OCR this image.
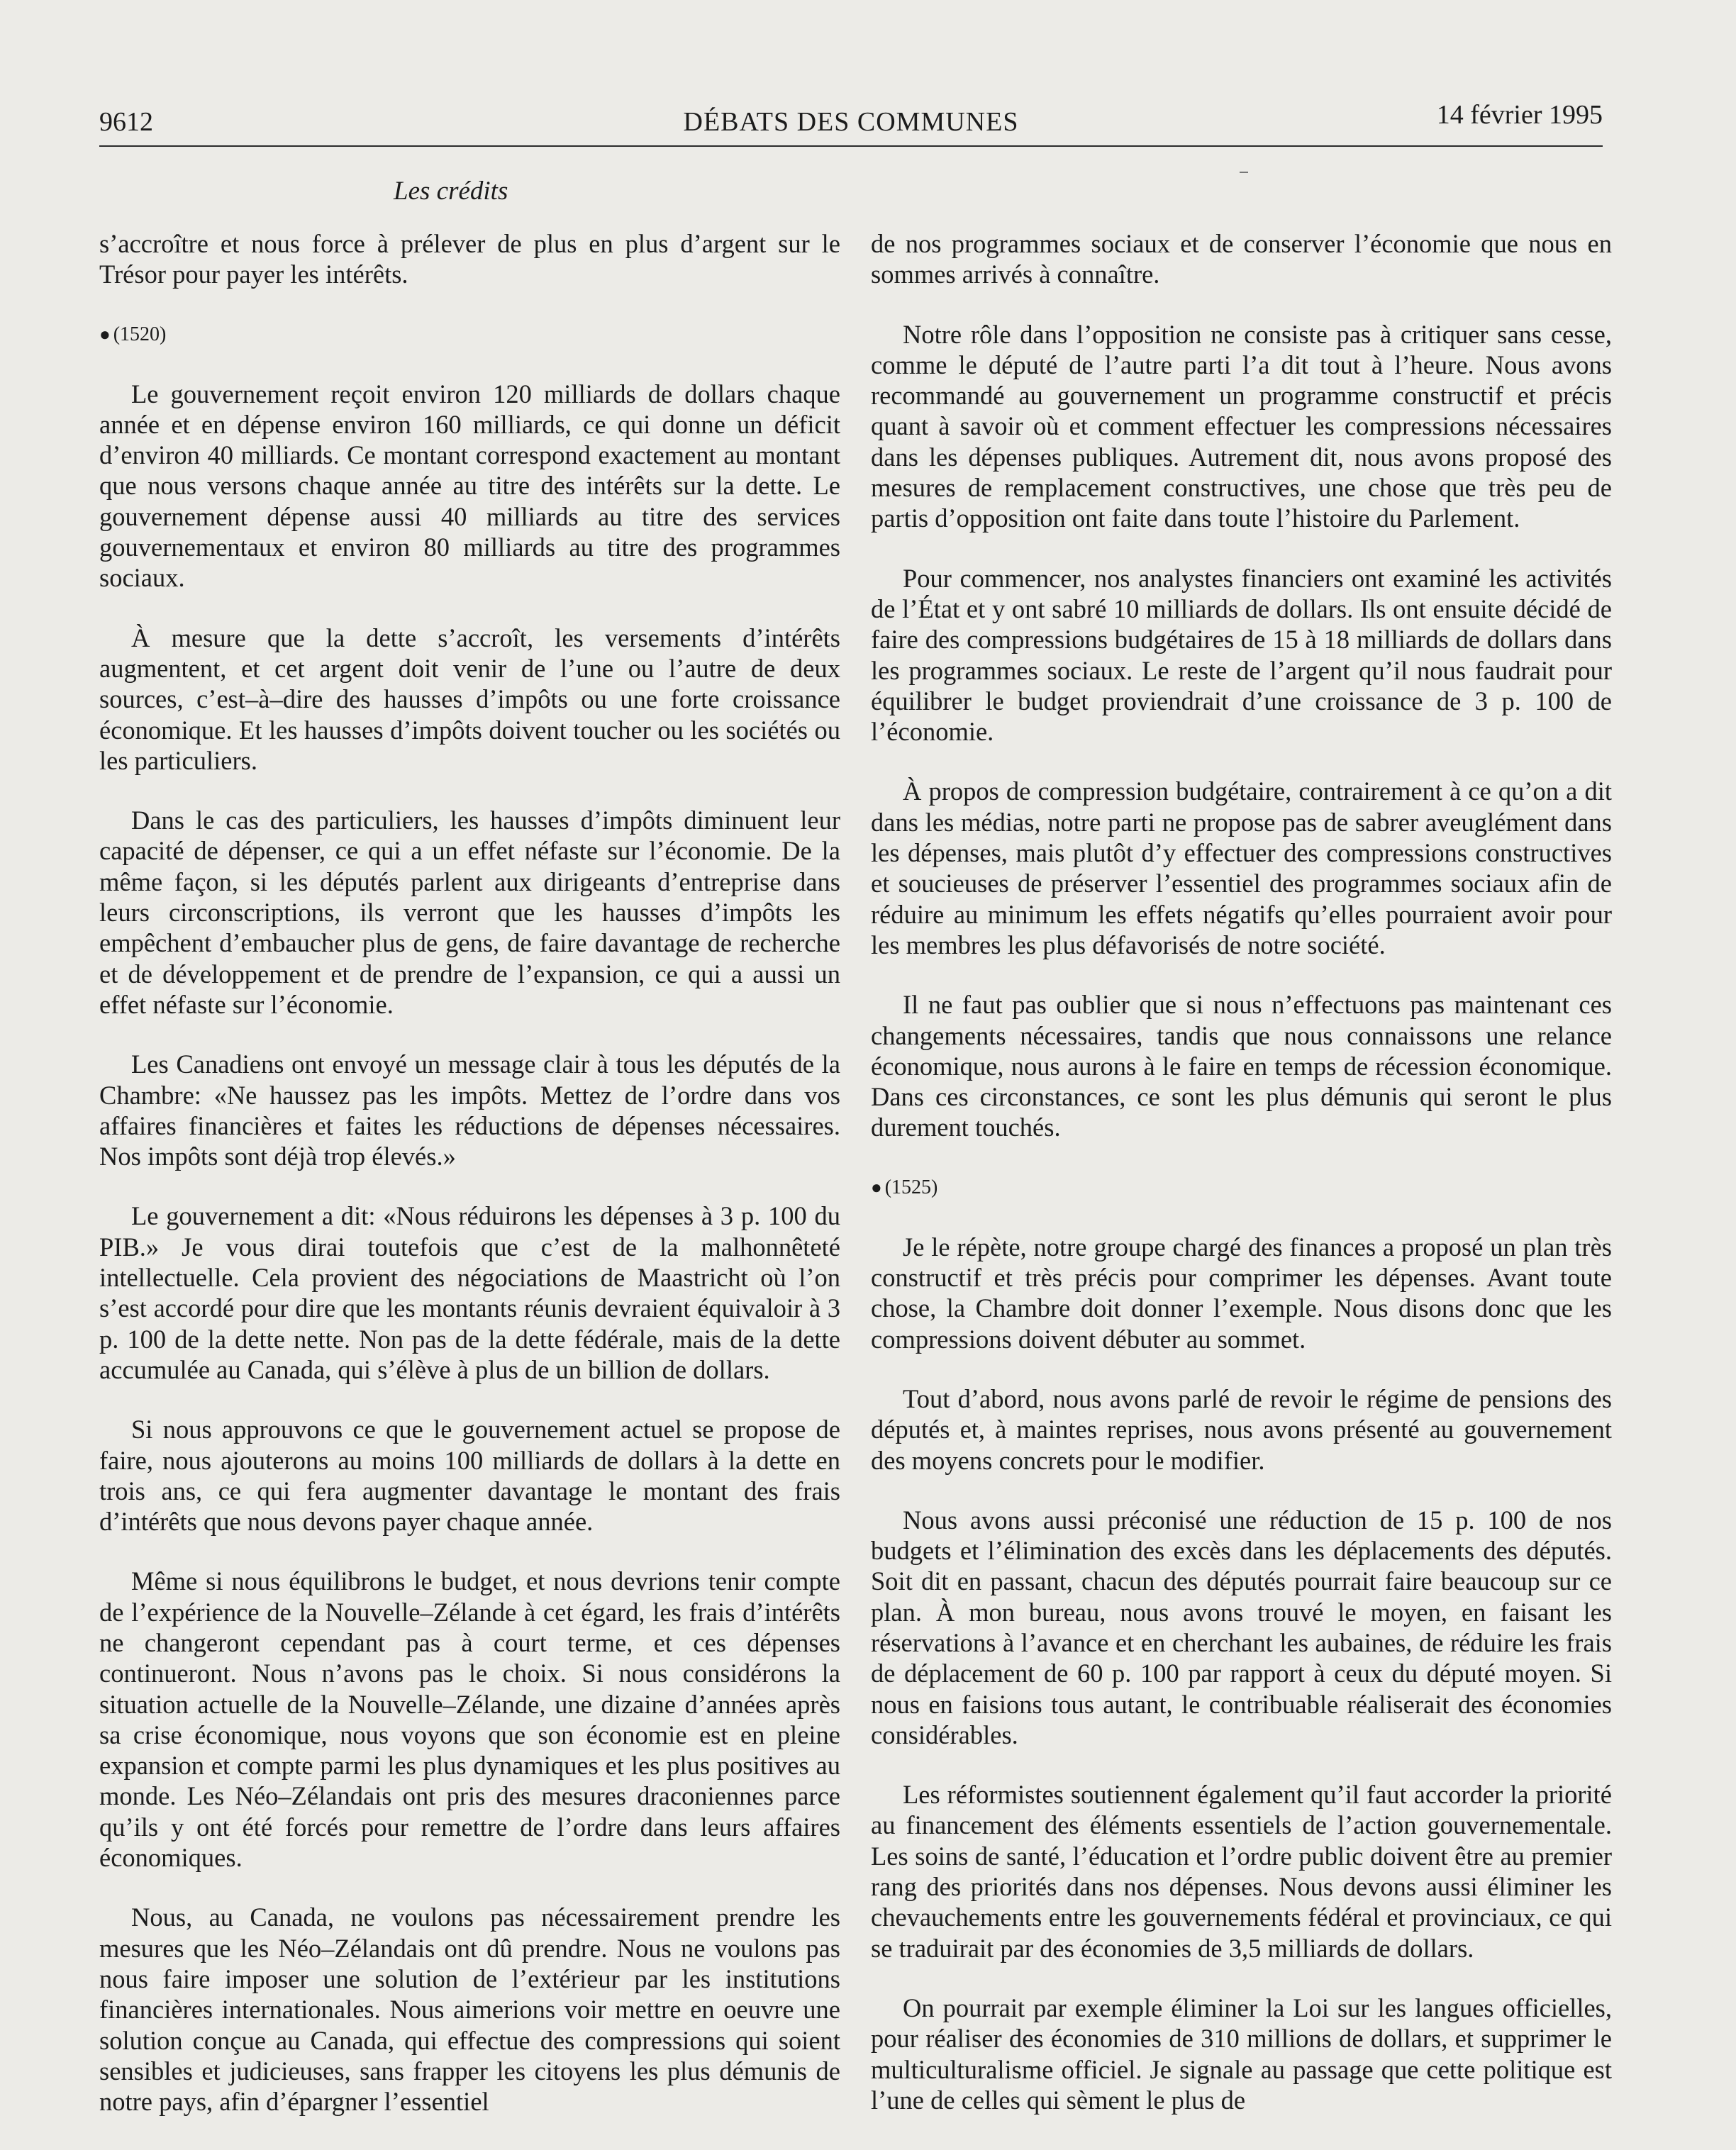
9612	DÉBATS DES COMMUNES	14 février 1995
Les crédits

s’accroître et nous force à prélever de plus en plus d’argent sur le Trésor pour payer les intérêts.

● (1520)

Le gouvernement reçoit environ 120 milliards de dollars chaque année et en dépense environ 160 milliards, ce qui donne un déficit d’environ 40 milliards. Ce montant correspond exactement au montant que nous versons chaque année au titre des intérêts sur la dette. Le gouvernement dépense aussi 40 milliards au titre des services gouvernementaux et environ 80 milliards au titre des programmes sociaux.

À mesure que la dette s’accroît, les versements d’intérêts augmentent, et cet argent doit venir de l’une ou l’autre de deux sources, c’est–à–dire des hausses d’impôts ou une forte croissance économique. Et les hausses d’impôts doivent toucher ou les sociétés ou les particuliers.

Dans le cas des particuliers, les hausses d’impôts diminuent leur capacité de dépenser, ce qui a un effet néfaste sur l’économie. De la même façon, si les députés parlent aux dirigeants d’entreprise dans leurs circonscriptions, ils verront que les hausses d’impôts les empêchent d’embaucher plus de gens, de faire davantage de recherche et de développement et de prendre de l’expansion, ce qui a aussi un effet néfaste sur l’économie.

Les Canadiens ont envoyé un message clair à tous les députés de la Chambre: «Ne haussez pas les impôts. Mettez de l’ordre dans vos affaires financières et faites les réductions de dépenses nécessaires. Nos impôts sont déjà trop élevés.»

Le gouvernement a dit: «Nous réduirons les dépenses à 3 p. 100 du PIB.» Je vous dirai toutefois que c’est de la malhonnêteté intellectuelle. Cela provient des négociations de Maastricht où l’on s’est accordé pour dire que les montants réunis devraient équivaloir à 3 p. 100 de la dette nette. Non pas de la dette fédérale, mais de la dette accumulée au Canada, qui s’élève à plus de un billion de dollars.

Si nous approuvons ce que le gouvernement actuel se propose de faire, nous ajouterons au moins 100 milliards de dollars à la dette en trois ans, ce qui fera augmenter davantage le montant des frais d’intérêts que nous devons payer chaque année.

Même si nous équilibrons le budget, et nous devrions tenir compte de l’expérience de la Nouvelle–Zélande à cet égard, les frais d’intérêts ne changeront cependant pas à court terme, et ces dépenses continueront. Nous n’avons pas le choix. Si nous considérons la situation actuelle de la Nouvelle–Zélande, une dizaine d’années après sa crise économique, nous voyons que son économie est en pleine expansion et compte parmi les plus dynamiques et les plus positives au monde. Les Néo–Zélandais ont pris des mesures draconiennes parce qu’ils y ont été forcés pour remettre de l’ordre dans leurs affaires économiques.

Nous, au Canada, ne voulons pas nécessairement prendre les mesures que les Néo–Zélandais ont dû prendre. Nous ne voulons pas nous faire imposer une solution de l’extérieur par les institutions financières internationales. Nous aimerions voir mettre en oeuvre une solution conçue au Canada, qui effectue des compressions qui soient sensibles et judicieuses, sans frapper les citoyens les plus démunis de notre pays, afin d’épargner l’essentiel

de nos programmes sociaux et de conserver l’économie que nous en sommes arrivés à connaître.

Notre rôle dans l’opposition ne consiste pas à critiquer sans cesse, comme le député de l’autre parti l’a dit tout à l’heure. Nous avons recommandé au gouvernement un programme constructif et précis quant à savoir où et comment effectuer les compressions nécessaires dans les dépenses publiques. Autrement dit, nous avons proposé des mesures de remplacement constructives, une chose que très peu de partis d’opposition ont faite dans toute l’histoire du Parlement.

Pour commencer, nos analystes financiers ont examiné les activités de l’État et y ont sabré 10 milliards de dollars. Ils ont ensuite décidé de faire des compressions budgétaires de 15 à 18 milliards de dollars dans les programmes sociaux. Le reste de l’argent qu’il nous faudrait pour équilibrer le budget proviendrait d’une croissance de 3 p. 100 de l’économie.

À propos de compression budgétaire, contrairement à ce qu’on a dit dans les médias, notre parti ne propose pas de sabrer aveuglément dans les dépenses, mais plutôt d’y effectuer des compressions constructives et soucieuses de préserver l’essentiel des programmes sociaux afin de réduire au minimum les effets négatifs qu’elles pourraient avoir pour les membres les plus défavorisés de notre société.

Il ne faut pas oublier que si nous n’effectuons pas maintenant ces changements nécessaires, tandis que nous connaissons une relance économique, nous aurons à le faire en temps de récession économique. Dans ces circonstances, ce sont les plus démunis qui seront le plus durement touchés.

● (1525)

Je le répète, notre groupe chargé des finances a proposé un plan très constructif et très précis pour comprimer les dépenses. Avant toute chose, la Chambre doit donner l’exemple. Nous disons donc que les compressions doivent débuter au sommet.

Tout d’abord, nous avons parlé de revoir le régime de pensions des députés et, à maintes reprises, nous avons présenté au gouvernement des moyens concrets pour le modifier.

Nous avons aussi préconisé une réduction de 15 p. 100 de nos budgets et l’élimination des excès dans les déplacements des députés. Soit dit en passant, chacun des députés pourrait faire beaucoup sur ce plan. À mon bureau, nous avons trouvé le moyen, en faisant les réservations à l’avance et en cherchant les aubaines, de réduire les frais de déplacement de 60 p. 100 par rapport à ceux du député moyen. Si nous en faisions tous autant, le contribuable réaliserait des économies considérables.

Les réformistes soutiennent également qu’il faut accorder la priorité au financement des éléments essentiels de l’action gouvernementale. Les soins de santé, l’éducation et l’ordre public doivent être au premier rang des priorités dans nos dépenses. Nous devons aussi éliminer les chevauchements entre les gouvernements fédéral et provinciaux, ce qui se traduirait par des économies de 3,5 milliards de dollars.

On pourrait par exemple éliminer la Loi sur les langues officielles, pour réaliser des économies de 310 millions de dollars, et supprimer le multiculturalisme officiel. Je signale au passage que cette politique est l’une de celles qui sèment le plus de
